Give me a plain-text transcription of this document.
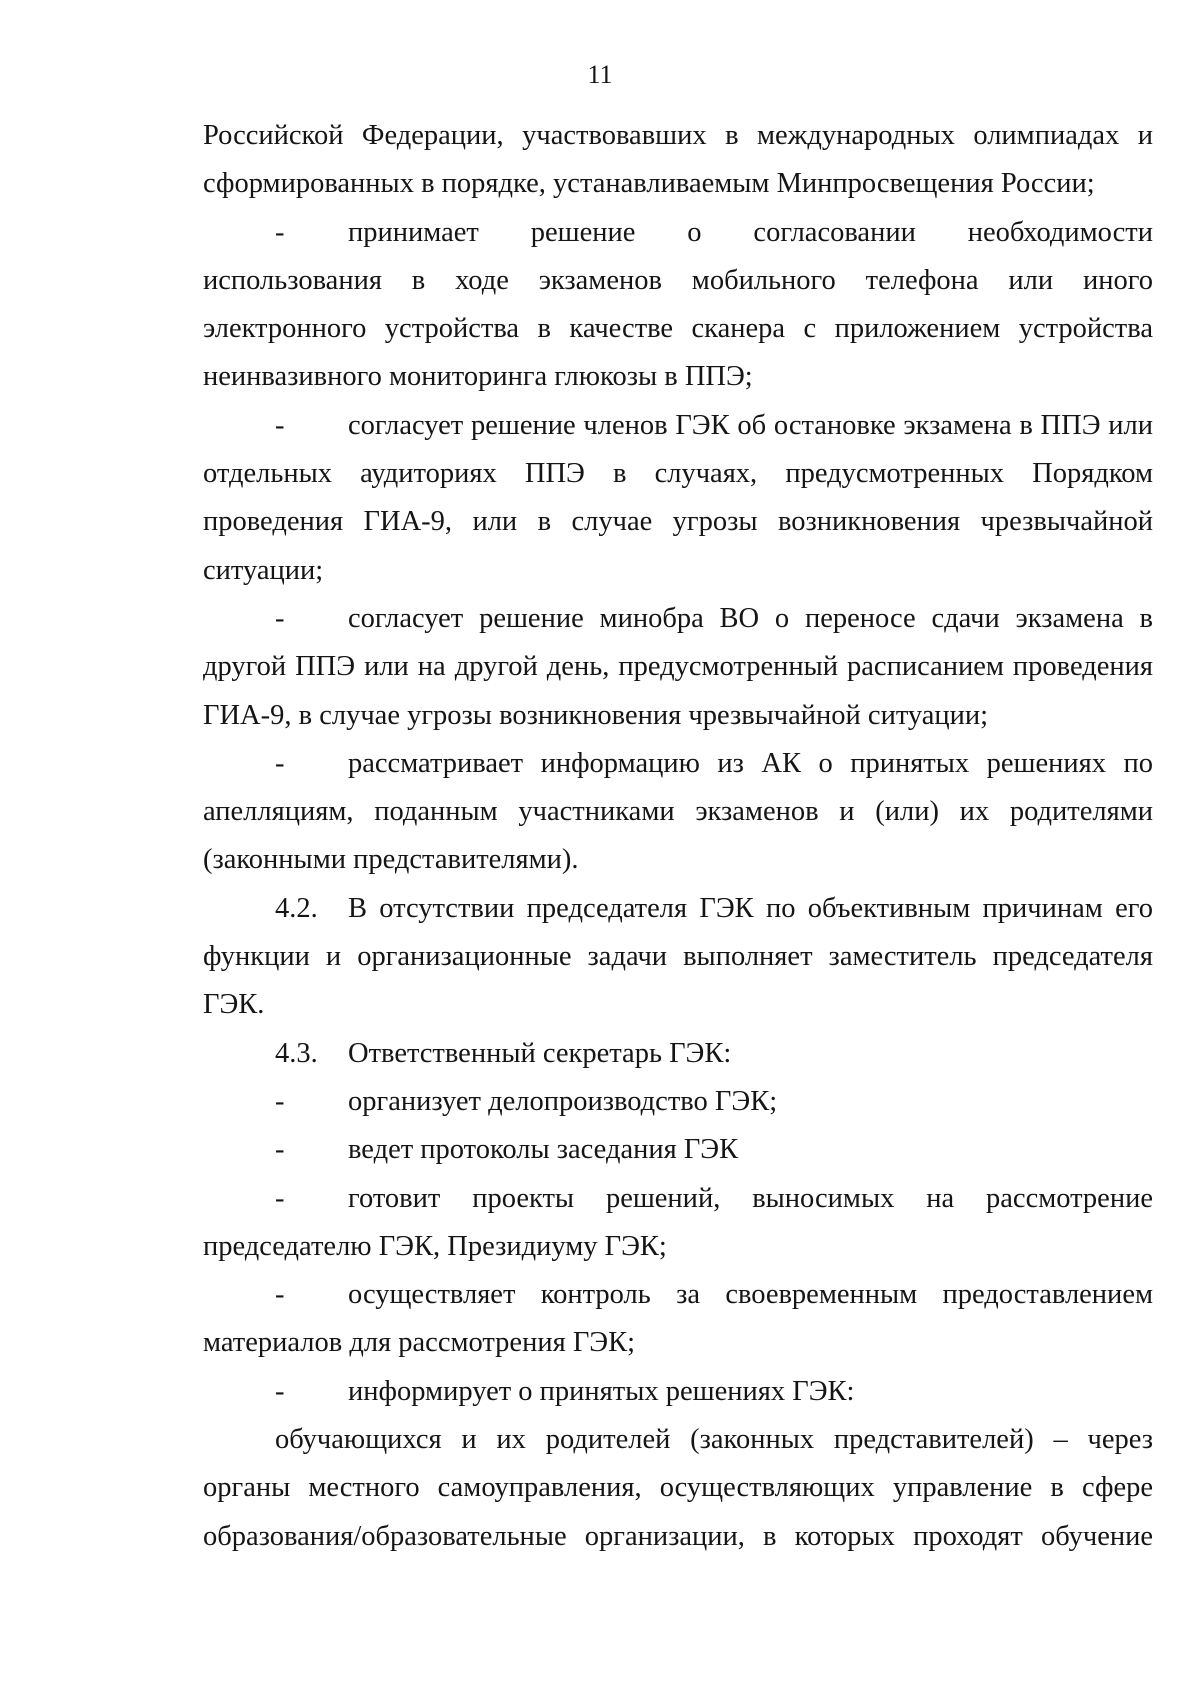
11

Российской Федерации, участвовавших в международных олимпиадах и сформированных в порядке, устанавливаемым Минпросвещения России;

- принимает решение о согласовании необходимости использования в ходе экзаменов мобильного телефона или иного электронного устройства в качестве сканера с приложением устройства неинвазивного мониторинга глюкозы в ППЭ;

- согласует решение членов ГЭК об остановке экзамена в ППЭ или отдельных аудиториях ППЭ в случаях, предусмотренных Порядком проведения ГИА-9, или в случае угрозы возникновения чрезвычайной ситуации;

- согласует решение минобра ВО о переносе сдачи экзамена в другой ППЭ или на другой день, предусмотренный расписанием проведения ГИА-9, в случае угрозы возникновения чрезвычайной ситуации;

- рассматривает информацию из АК о принятых решениях по апелляциям, поданным участниками экзаменов и (или) их родителями (законными представителями).

4.2. В отсутствии председателя ГЭК по объективным причинам его функции и организационные задачи выполняет заместитель председателя ГЭК.

4.3. Ответственный секретарь ГЭК:

- организует делопроизводство ГЭК;

- ведет протоколы заседания ГЭК

- готовит проекты решений, выносимых на рассмотрение председателю ГЭК, Президиуму ГЭК;

- осуществляет контроль за своевременным предоставлением материалов для рассмотрения ГЭК;

- информирует о принятых решениях ГЭК:

обучающихся и их родителей (законных представителей) – через органы местного самоуправления, осуществляющих управление в сфере образования/образовательные организации, в которых проходят обучение
